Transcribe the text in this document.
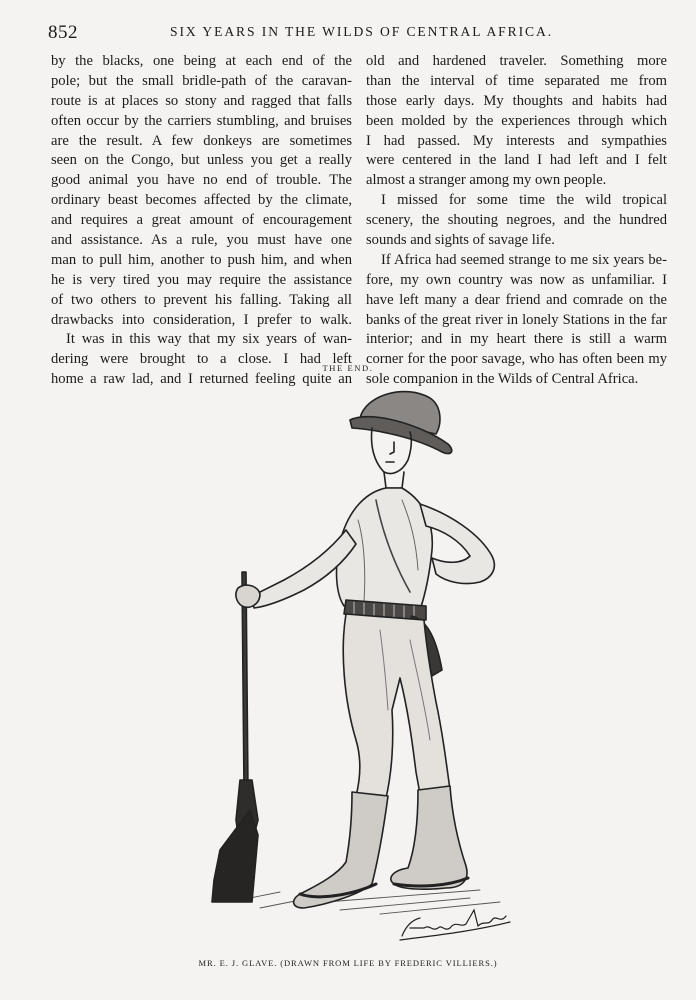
852	SIX YEARS IN THE WILDS OF CENTRAL AFRICA.
by the blacks, one being at each end of the
pole; but the small bridle-path of the caravan-
route is at places so stony and ragged that falls
often occur by the carriers stumbling, and bruises
are the result. A few donkeys are sometimes
seen on the Congo, but unless you get a really
good animal you have no end of trouble. The
ordinary beast becomes affected by the climate,
and requires a great amount of encouragement
and assistance. As a rule, you must have one
man to pull him, another to push him, and when
he is very tired you may require the assistance
of two others to prevent his falling. Taking all
drawbacks into consideration, I prefer to walk.
It was in this way that my six years of wan-
dering were brought to a close. I had left
home a raw lad, and I returned feeling quite an
old and hardened traveler. Something more
than the interval of time separated me from
those early days. My thoughts and habits had
been molded by the experiences through which
I had passed. My interests and sympathies
were centered in the land I had left and I felt
almost a stranger among my own people.
I missed for some time the wild tropical
scenery, the shouting negroes, and the hundred
sounds and sights of savage life.
If Africa had seemed strange to me six years be-
fore, my own country was now as unfamiliar. I
have left many a dear friend and comrade on the
banks of the great river in lonely Stations in the far
interior; and in my heart there is still a warm
corner for the poor savage, who has often been my
sole companion in the Wilds of Central Africa.
THE END.
MR. E. J. GLAVE. (DRAWN FROM LIFE BY FREDERIC VILLIERS.)
